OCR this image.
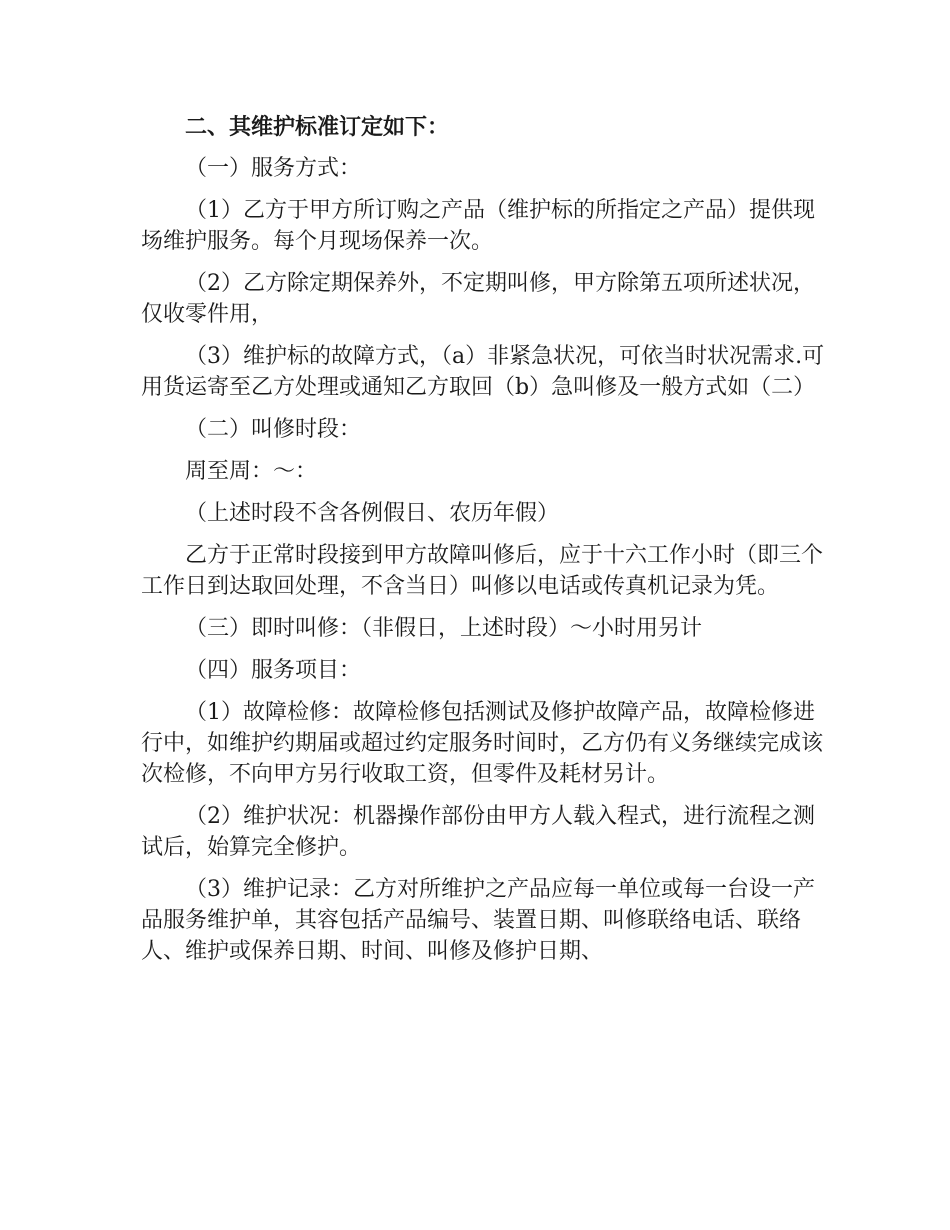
二、其维护标准订定如下：

（一）服务方式：

（1）乙方于甲方所订购之产品（维护标的所指定之产品）提供现场维护服务。每个月现场保养一次。

（2）乙方除定期保养外，不定期叫修，甲方除第五项所述状况，仅收零件用，

（3）维护标的故障方式，（a）非紧急状况，可依当时状况需求.可用货运寄至乙方处理或通知乙方取回（b）急叫修及一般方式如（二）

（二）叫修时段：

周至周：～：

（上述时段不含各例假日、农历年假）

乙方于正常时段接到甲方故障叫修后，应于十六工作小时（即三个工作日到达取回处理，不含当日）叫修以电话或传真机记录为凭。

（三）即时叫修：（非假日，上述时段）～小时用另计

（四）服务项目：

（1）故障检修：故障检修包括测试及修护故障产品，故障检修进行中，如维护约期届或超过约定服务时间时，乙方仍有义务继续完成该次检修，不向甲方另行收取工资，但零件及耗材另计。

（2）维护状况：机器操作部份由甲方人载入程式，进行流程之测试后，始算完全修护。

（3）维护记录：乙方对所维护之产品应每一单位或每一台设一产品服务维护单，其容包括产品编号、装置日期、叫修联络电话、联络人、维护或保养日期、时间、叫修及修护日期、
